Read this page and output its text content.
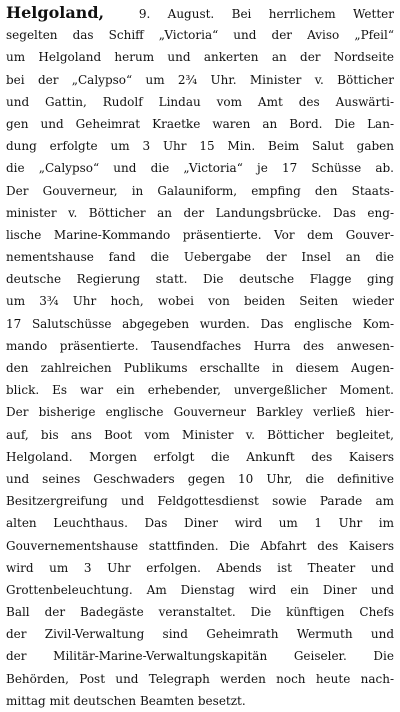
Helgoland,	9. August. Bei herrlichem Wetter
segelten das Schiff „Victoria“ und der Aviso „Pfeil“
um Helgoland herum und ankerten an der Nordseite
bei der „Calypso“ um 2¾ Uhr. Minister v. Bötticher
und Gattin, Rudolf Lindau vom Amt des Auswärti-
gen und Geheimrat Kraetke waren an Bord. Die Lan-
dung erfolgte um 3 Uhr 15 Min. Beim Salut gaben
die „Calypso“ und die „Victoria“ je 17 Schüsse ab.
Der Gouverneur, in Galauniform, empfing den Staats-
minister v. Bötticher an der Landungsbrücke. Das eng-
lische Marine-Kommando präsentierte. Vor dem Gouver-
nementshause fand die Uebergabe der Insel an die
deutsche Regierung statt. Die deutsche Flagge ging
um 3¾ Uhr hoch, wobei von beiden Seiten wieder
17 Salutschüsse abgegeben wurden. Das englische Kom-
mando präsentierte. Tausendfaches Hurra des anwesen-
den zahlreichen Publikums erschallte in diesem Augen-
blick. Es war ein erhebender, unvergeßlicher Moment.
Der bisherige englische Gouverneur Barkley verließ hier-
auf, bis ans Boot vom Minister v. Bötticher begleitet,
Helgoland. Morgen erfolgt die Ankunft des Kaisers
und seines Geschwaders gegen 10 Uhr, die definitive
Besitzergreifung und Feldgottesdienst sowie Parade am
alten Leuchthaus. Das Diner wird um 1 Uhr im
Gouvernementshause stattfinden. Die Abfahrt des Kaisers
wird um 3 Uhr erfolgen. Abends ist Theater und
Grottenbeleuchtung. Am Dienstag wird ein Diner und
Ball der Badegäste veranstaltet. Die künftigen Chefs
der Zivil-Verwaltung sind Geheimrath Wermuth und
der Militär-Marine-Verwaltungskapitän Geiseler. Die
Behörden, Post und Telegraph werden noch heute nach-
mittag mit deutschen Beamten besetzt.
